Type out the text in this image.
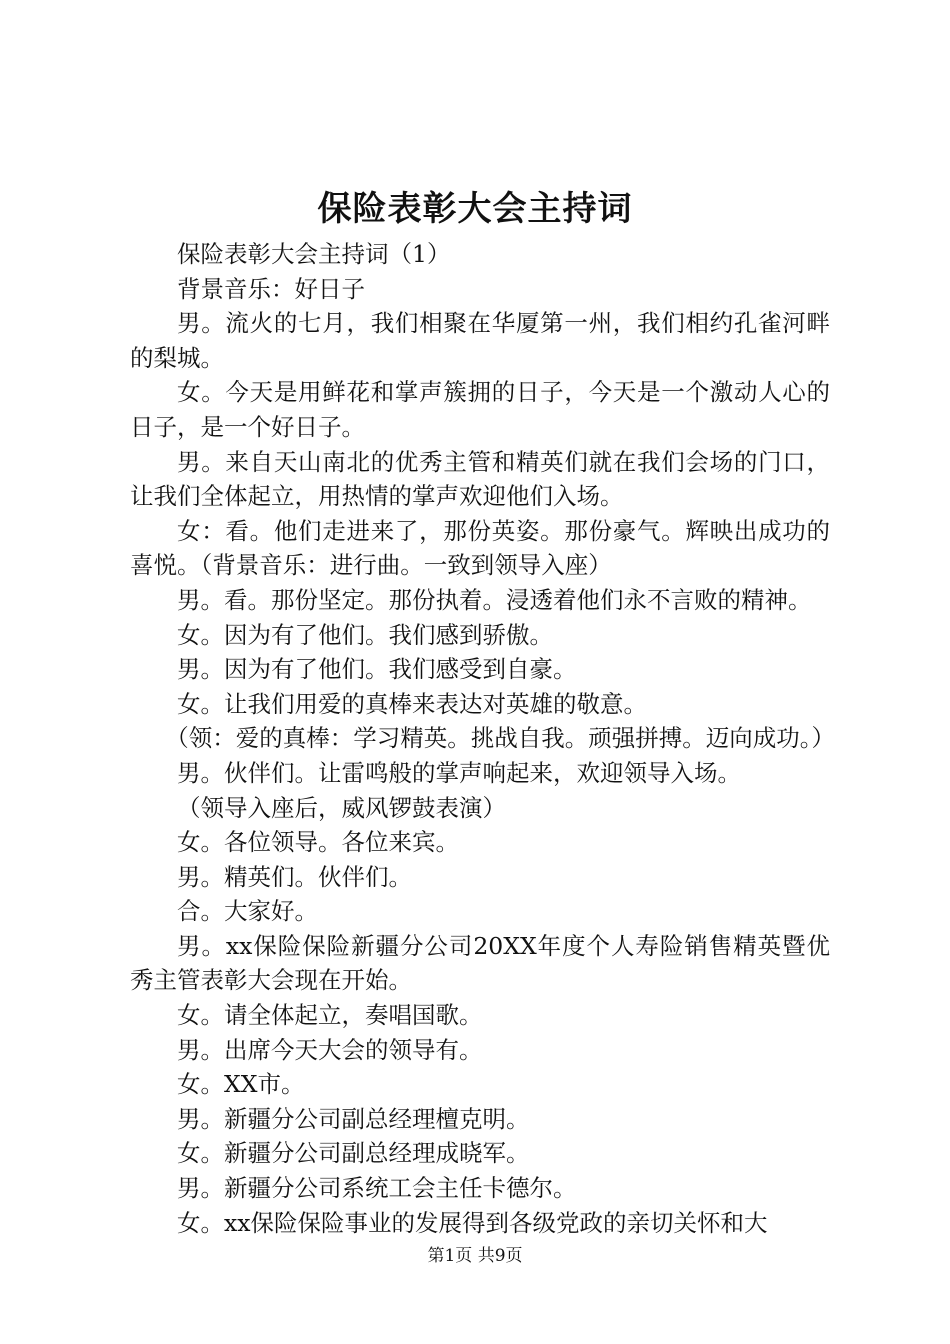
保险表彰大会主持词

保险表彰大会主持词（1）

背景音乐：好日子

男。流火的七月，我们相聚在华厦第一州，我们相约孔雀河畔的梨城。

女。今天是用鲜花和掌声簇拥的日子，今天是一个激动人心的日子，是一个好日子。

男。来自天山南北的优秀主管和精英们就在我们会场的门口，让我们全体起立，用热情的掌声欢迎他们入场。

女：看。他们走进来了，那份英姿。那份豪气。辉映出成功的喜悦。（背景音乐：进行曲。一致到领导入座）

男。看。那份坚定。那份执着。浸透着他们永不言败的精神。

女。因为有了他们。我们感到骄傲。

男。因为有了他们。我们感受到自豪。

女。让我们用爱的真棒来表达对英雄的敬意。

（领：爱的真棒：学习精英。挑战自我。顽强拼搏。迈向成功。）

男。伙伴们。让雷鸣般的掌声响起来，欢迎领导入场。

（领导入座后，威风锣鼓表演）

女。各位领导。各位来宾。

男。精英们。伙伴们。

合。大家好。

男。xx保险保险新疆分公司20XX年度个人寿险销售精英暨优秀主管表彰大会现在开始。

女。请全体起立，奏唱国歌。

男。出席今天大会的领导有。

女。XX市。

男。新疆分公司副总经理檀克明。

女。新疆分公司副总经理成晓军。

男。新疆分公司系统工会主任卡德尔。

女。xx保险保险事业的发展得到各级党政的亲切关怀和大

第1页 共9页
